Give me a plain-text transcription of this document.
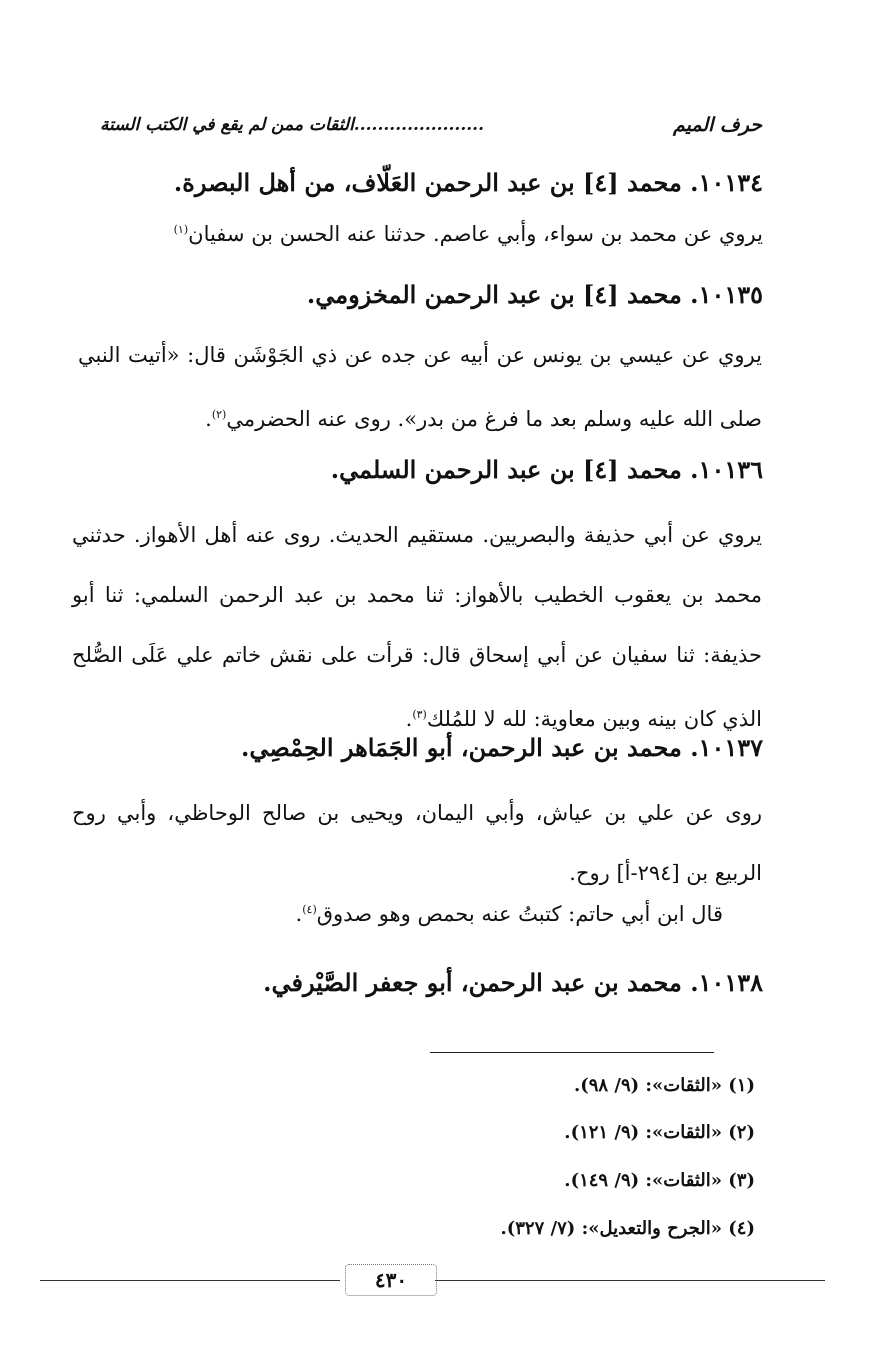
حرف الميم
......................الثقات ممن لم يقع في الكتب الستة
١٠١٣٤. محمد [٤] بن عبد الرحمن العَلّاف، من أهل البصرة.
يروي عن محمد بن سواء، وأبي عاصم. حدثنا عنه الحسن بن سفيان$^{(١)}$
١٠١٣٥. محمد [٤] بن عبد الرحمن المخزومي.
يروي عن عيسي بن يونس عن أبيه عن جده عن ذي الجَوْشَن قال: «أتيت النبي صلى الله عليه وسلم بعد ما فرغ من بدر». روى عنه الحضرمي$^{(٢)}$.
١٠١٣٦. محمد [٤] بن عبد الرحمن السلمي.
يروي عن أبي حذيفة والبصريين. مستقيم الحديث. روى عنه أهل الأهواز. حدثني محمد بن يعقوب الخطيب بالأهواز: ثنا محمد بن عبد الرحمن السلمي: ثنا أبو حذيفة: ثنا سفيان عن أبي إسحاق قال: قرأت على نقش خاتم علي عَلَى الصُّلح الذي كان بينه وبين معاوية: لله لا للمُلك$^{(٣)}$.
١٠١٣٧. محمد بن عبد الرحمن، أبو الجَمَاهر الحِمْصِي.
روى عن علي بن عياش، وأبي اليمان، ويحيى بن صالح الوحاظي، وأبي روح الربيع بن [٢٩٤-أ] روح.
قال ابن أبي حاتم: كتبتُ عنه بحمص وهو صدوق$^{(٤)}$.
١٠١٣٨. محمد بن عبد الرحمن، أبو جعفر الصَّيْرفي.
(١) «الثقات»: (٩/ ٩٨).
(٢) «الثقات»: (٩/ ١٢١).
(٣) «الثقات»: (٩/ ١٤٩).
(٤) «الجرح والتعديل»: (٧/ ٣٢٧).
٤٣٠
